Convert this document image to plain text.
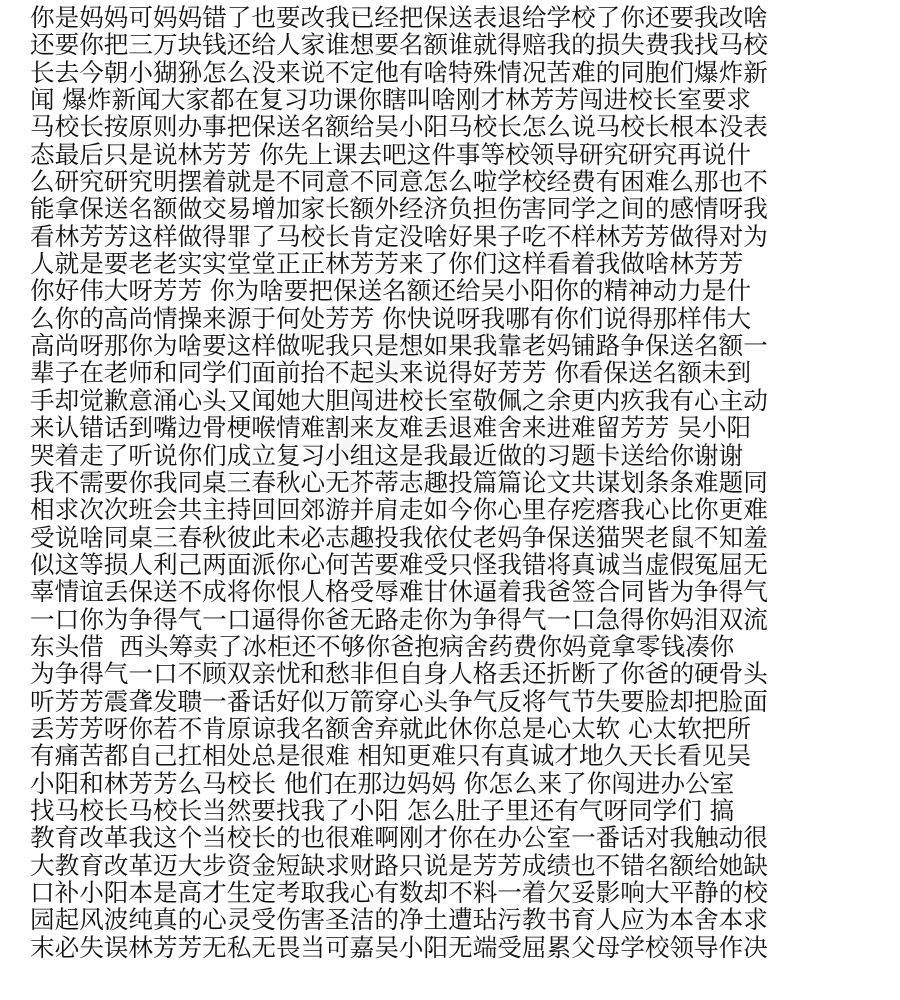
你是妈妈可妈妈错了也要改我已经把保送表退给学校了你还要我改啥
还要你把三万块钱还给人家谁想要名额谁就得赔我的损失费我找马校
长去今朝小猢狲怎么没来说不定他有啥特殊情况苦难的同胞们爆炸新
闻 爆炸新闻大家都在复习功课你瞎叫啥刚才林芳芳闯进校长室要求
马校长按原则办事把保送名额给吴小阳马校长怎么说马校长根本没表
态最后只是说林芳芳 你先上课去吧这件事等校领导研究研究再说什
么研究研究明摆着就是不同意不同意怎么啦学校经费有困难么那也不
能拿保送名额做交易增加家长额外经济负担伤害同学之间的感情呀我
看林芳芳这样做得罪了马校长肯定没啥好果子吃不样林芳芳做得对为
人就是要老老实实堂堂正正林芳芳来了你们这样看着我做啥林芳芳
你好伟大呀芳芳 你为啥要把保送名额还给吴小阳你的精神动力是什
么你的高尚情操来源于何处芳芳 你快说呀我哪有你们说得那样伟大
高尚呀那你为啥要这样做呢我只是想如果我靠老妈铺路争保送名额一
辈子在老师和同学们面前抬不起头来说得好芳芳 你看保送名额未到
手却觉歉意涌心头又闻她大胆闯进校长室敬佩之余更内疚我有心主动
来认错话到嘴边骨梗喉情难割来友难丢退难舍来进难留芳芳 吴小阳
哭着走了听说你们成立复习小组这是我最近做的习题卡送给你谢谢
我不需要你我同桌三春秋心无芥蒂志趣投篇篇论文共谋划条条难题同
相求次次班会共主持回回郊游并肩走如今你心里存疙瘩我心比你更难
受说啥同桌三春秋彼此未必志趣投我依仗老妈争保送猫哭老鼠不知羞
似这等损人利己两面派你心何苦要难受只怪我错将真诚当虚假冤屈无
辜情谊丢保送不成将你恨人格受辱难甘休逼着我爸签合同皆为争得气
一口你为争得气一口逼得你爸无路走你为争得气一口急得你妈泪双流
东头借  西头筹卖了冰柜还不够你爸抱病舍药费你妈竟拿零钱凑你
为争得气一口不顾双亲忧和愁非但自身人格丢还折断了你爸的硬骨头
听芳芳震聋发聩一番话好似万箭穿心头争气反将气节失要脸却把脸面
丢芳芳呀你若不肯原谅我名额舍弃就此休你总是心太软 心太软把所
有痛苦都自己扛相处总是很难 相知更难只有真诚才地久天长看见吴
小阳和林芳芳么马校长 他们在那边妈妈 你怎么来了你闯进办公室
找马校长马校长当然要找我了小阳 怎么肚子里还有气呀同学们 搞
教育改革我这个当校长的也很难啊刚才你在办公室一番话对我触动很
大教育改革迈大步资金短缺求财路只说是芳芳成绩也不错名额给她缺
口补小阳本是高才生定考取我心有数却不料一着欠妥影响大平静的校
园起风波纯真的心灵受伤害圣洁的净土遭玷污教书育人应为本舍本求
末必失误林芳芳无私无畏当可嘉吴小阳无端受屈累父母学校领导作决
